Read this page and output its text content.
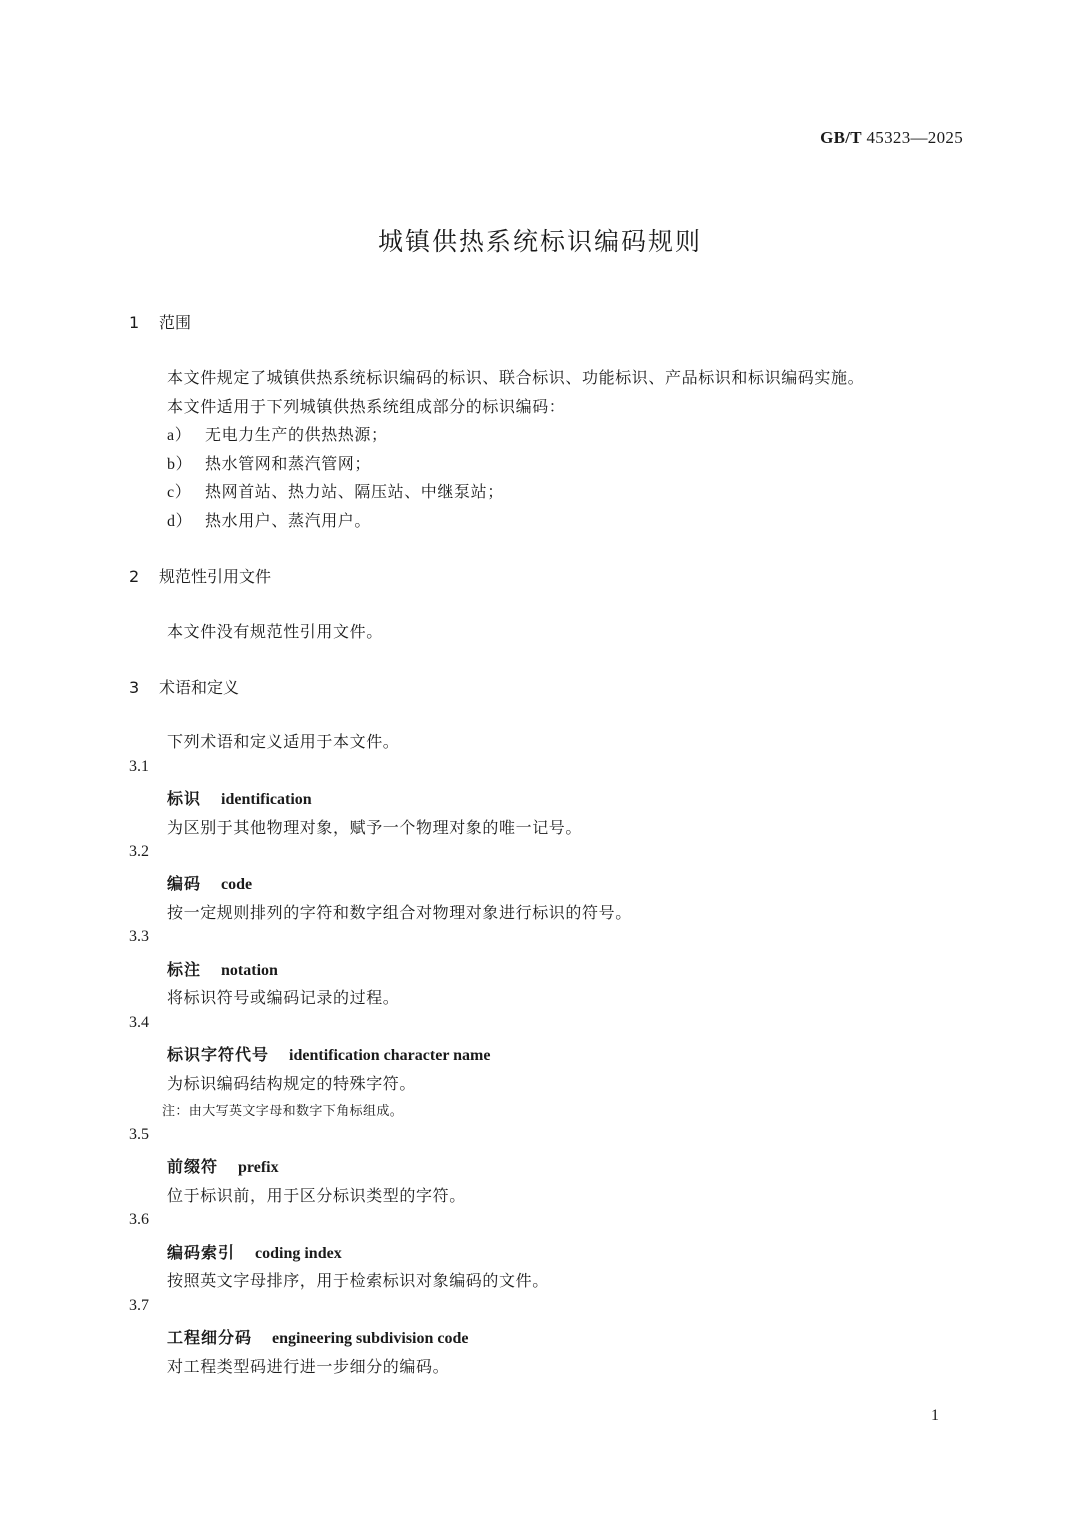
GB/T 45323—2025
城镇供热系统标识编码规则
1 范围
本文件规定了城镇供热系统标识编码的标识、联合标识、功能标识、产品标识和标识编码实施。
本文件适用于下列城镇供热系统组成部分的标识编码：
a） 无电力生产的供热热源；
b） 热水管网和蒸汽管网；
c） 热网首站、热力站、隔压站、中继泵站；
d） 热水用户、蒸汽用户。
2 规范性引用文件
本文件没有规范性引用文件。
3 术语和定义
下列术语和定义适用于本文件。
3.1
标识 identification
为区别于其他物理对象，赋予一个物理对象的唯一记号。
3.2
编码 code
按一定规则排列的字符和数字组合对物理对象进行标识的符号。
3.3
标注 notation
将标识符号或编码记录的过程。
3.4
标识字符代号 identification character name
为标识编码结构规定的特殊字符。
注：由大写英文字母和数字下角标组成。
3.5
前缀符 prefix
位于标识前，用于区分标识类型的字符。
3.6
编码索引 coding index
按照英文字母排序，用于检索标识对象编码的文件。
3.7
工程细分码 engineering subdivision code
对工程类型码进行进一步细分的编码。
1
